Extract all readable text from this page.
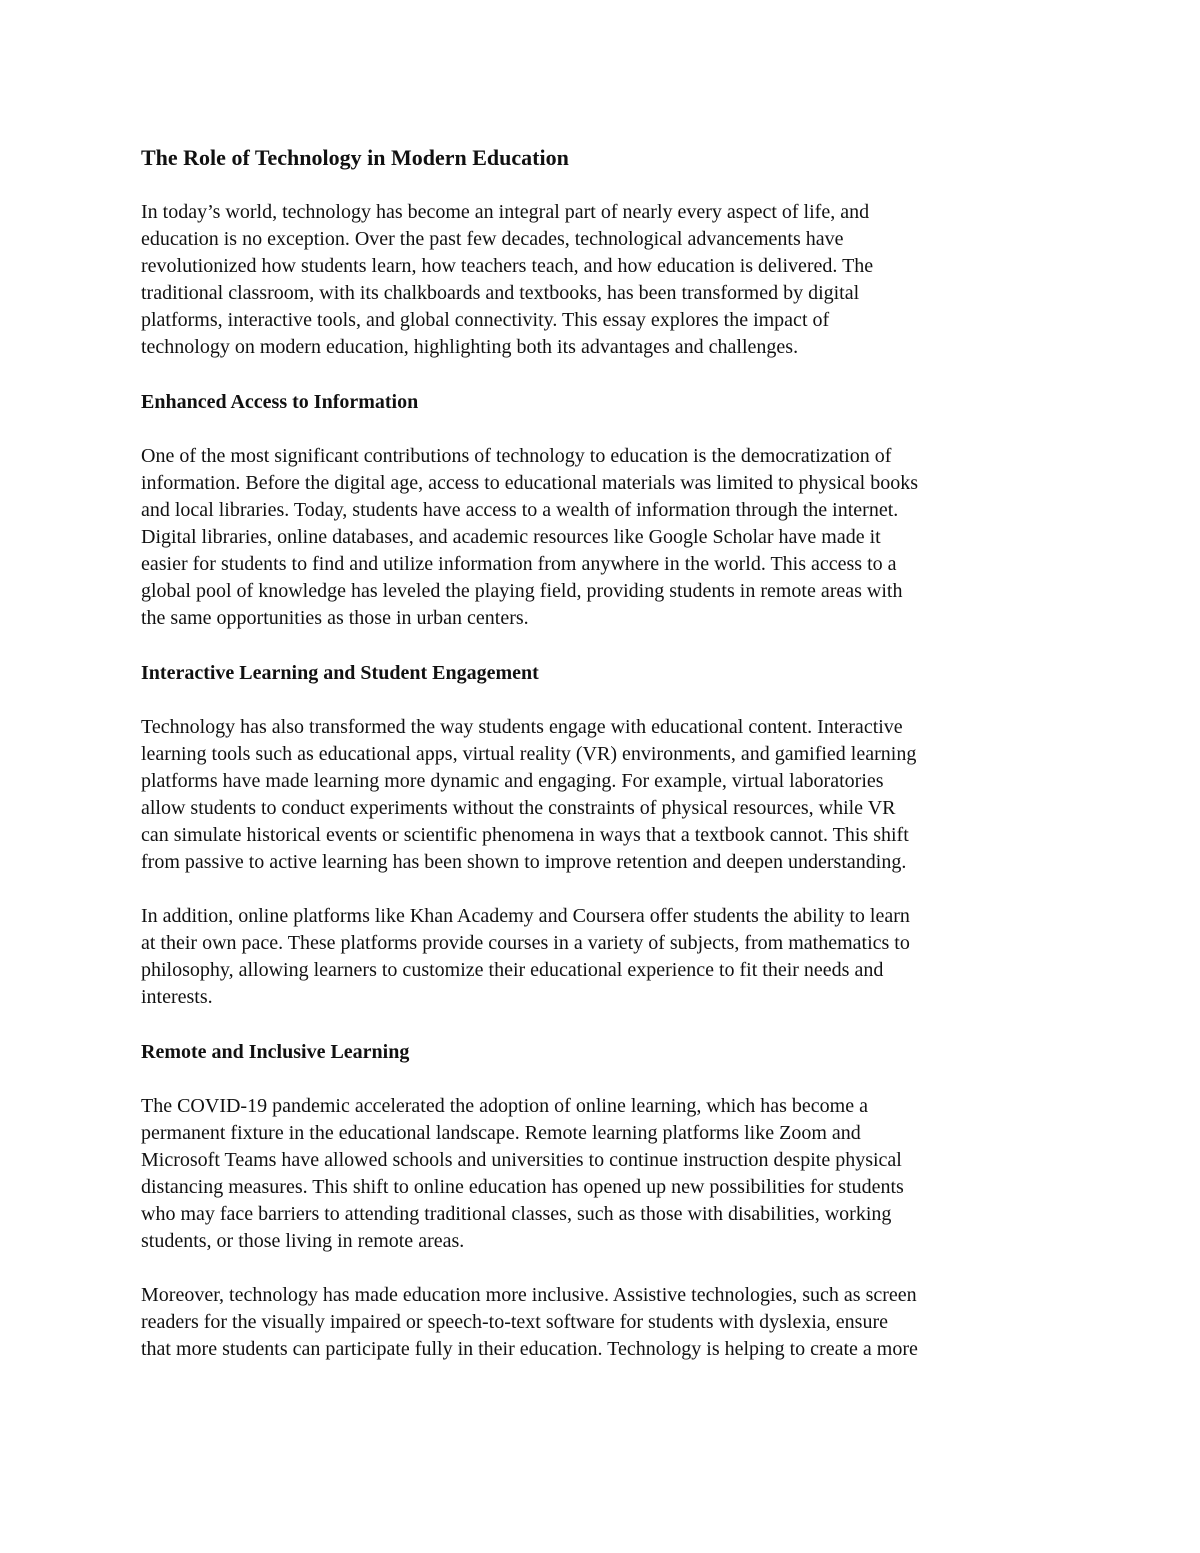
The Role of Technology in Modern Education
In today’s world, technology has become an integral part of nearly every aspect of life, and
education is no exception. Over the past few decades, technological advancements have
revolutionized how students learn, how teachers teach, and how education is delivered. The
traditional classroom, with its chalkboards and textbooks, has been transformed by digital
platforms, interactive tools, and global connectivity. This essay explores the impact of
technology on modern education, highlighting both its advantages and challenges.
Enhanced Access to Information
One of the most significant contributions of technology to education is the democratization of
information. Before the digital age, access to educational materials was limited to physical books
and local libraries. Today, students have access to a wealth of information through the internet.
Digital libraries, online databases, and academic resources like Google Scholar have made it
easier for students to find and utilize information from anywhere in the world. This access to a
global pool of knowledge has leveled the playing field, providing students in remote areas with
the same opportunities as those in urban centers.
Interactive Learning and Student Engagement
Technology has also transformed the way students engage with educational content. Interactive
learning tools such as educational apps, virtual reality (VR) environments, and gamified learning
platforms have made learning more dynamic and engaging. For example, virtual laboratories
allow students to conduct experiments without the constraints of physical resources, while VR
can simulate historical events or scientific phenomena in ways that a textbook cannot. This shift
from passive to active learning has been shown to improve retention and deepen understanding.
In addition, online platforms like Khan Academy and Coursera offer students the ability to learn
at their own pace. These platforms provide courses in a variety of subjects, from mathematics to
philosophy, allowing learners to customize their educational experience to fit their needs and
interests.
Remote and Inclusive Learning
The COVID-19 pandemic accelerated the adoption of online learning, which has become a
permanent fixture in the educational landscape. Remote learning platforms like Zoom and
Microsoft Teams have allowed schools and universities to continue instruction despite physical
distancing measures. This shift to online education has opened up new possibilities for students
who may face barriers to attending traditional classes, such as those with disabilities, working
students, or those living in remote areas.
Moreover, technology has made education more inclusive. Assistive technologies, such as screen
readers for the visually impaired or speech-to-text software for students with dyslexia, ensure
that more students can participate fully in their education. Technology is helping to create a more
